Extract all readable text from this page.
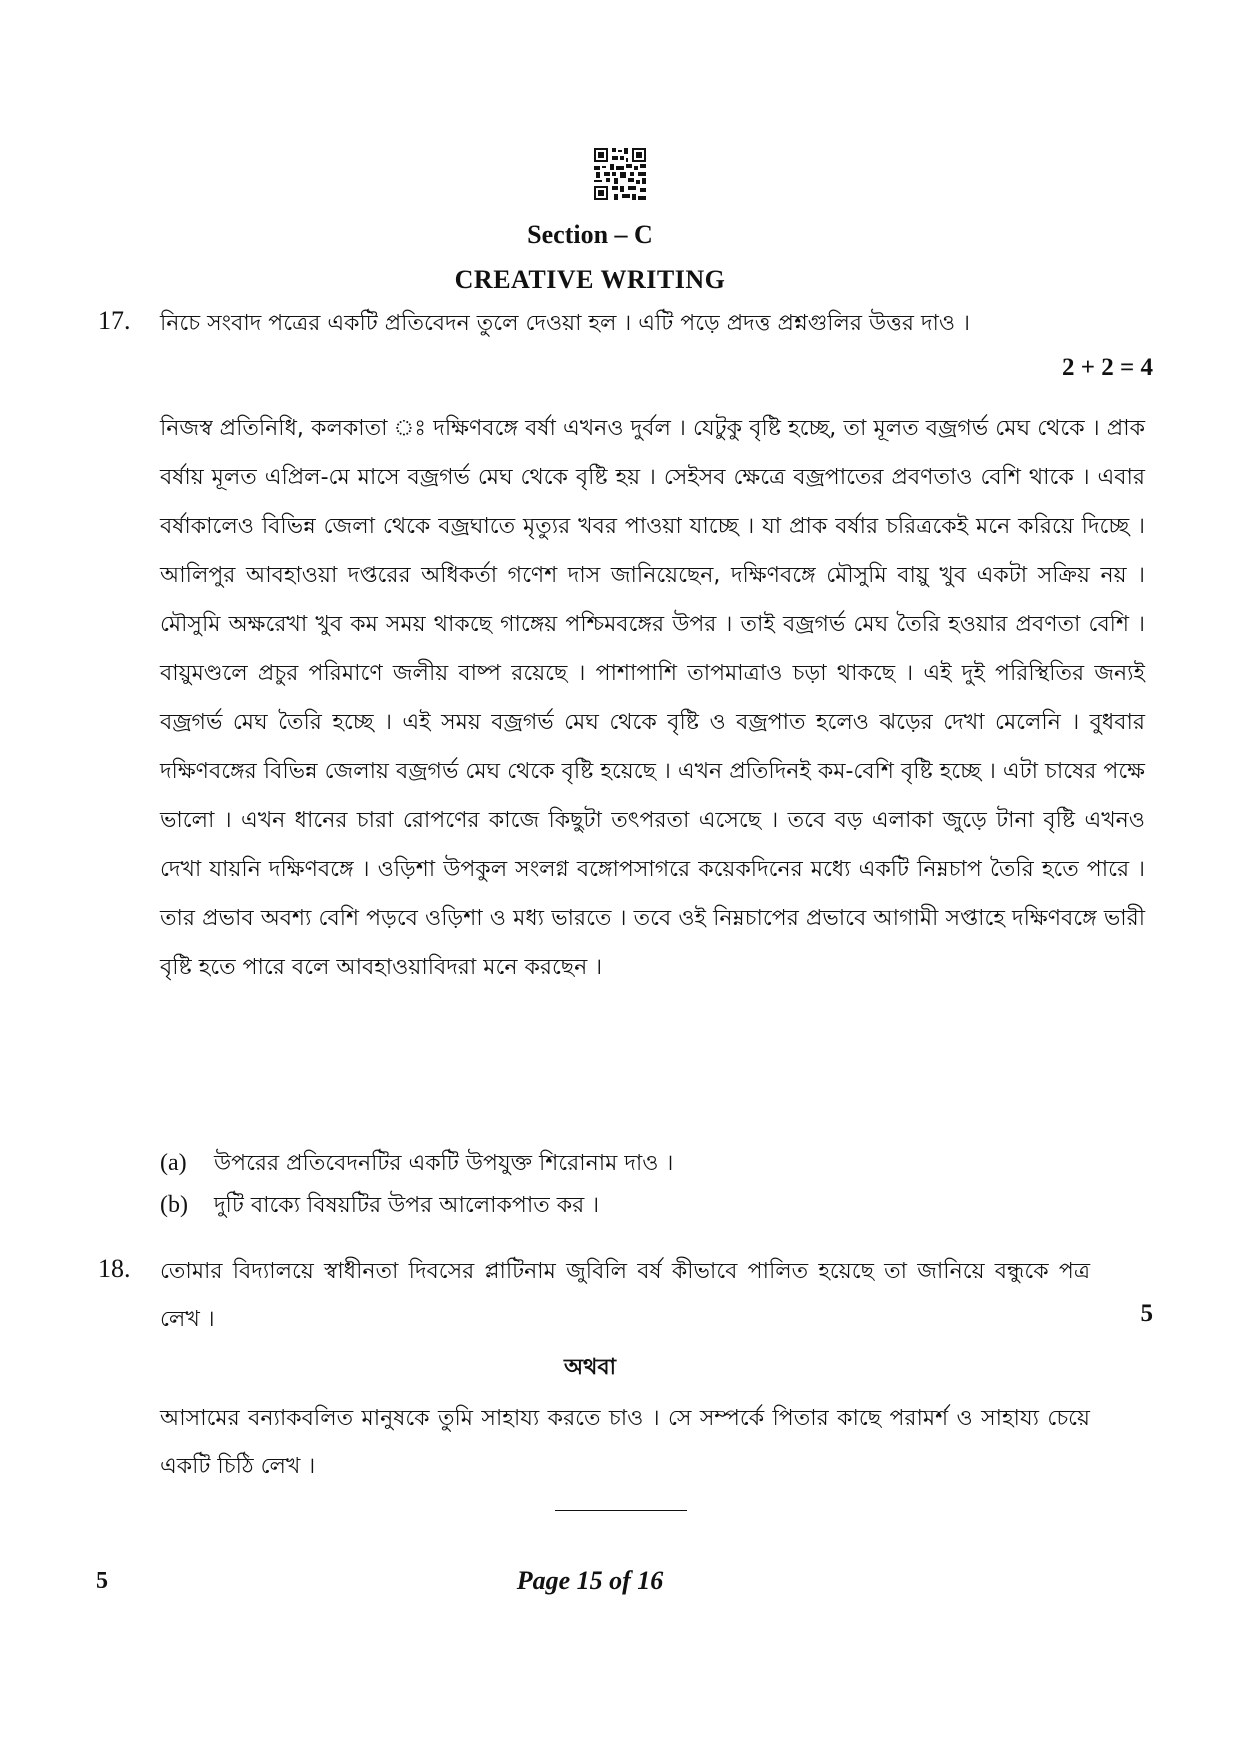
Section – C
CREATIVE WRITING
17. নিচে সংবাদ পত্রের একটি প্রতিবেদন তুলে দেওয়া হল । এটি পড়ে প্রদত্ত প্রশ্নগুলির উত্তর দাও ।
2 + 2 = 4
নিজস্ব প্রতিনিধি, কলকাতা ঃ দক্ষিণবঙ্গে বর্ষা এখনও দুর্বল । যেটুকু বৃষ্টি হচ্ছে, তা মূলত বজ্রগর্ভ মেঘ থেকে । প্রাক বর্ষায় মূলত এপ্রিল-মে মাসে বজ্রগর্ভ মেঘ থেকে বৃষ্টি হয় । সেইসব ক্ষেত্রে বজ্রপাতের প্রবণতাও বেশি থাকে । এবার বর্ষাকালেও বিভিন্ন জেলা থেকে বজ্রঘাতে মৃত্যুর খবর পাওয়া যাচ্ছে । যা প্রাক বর্ষার চরিত্রকেই মনে করিয়ে দিচ্ছে । আলিপুর আবহাওয়া দপ্তরের অধিকর্তা গণেশ দাস জানিয়েছেন, দক্ষিণবঙ্গে মৌসুমি বায়ু খুব একটা সক্রিয় নয় । মৌসুমি অক্ষরেখা খুব কম সময় থাকছে গাঙ্গেয় পশ্চিমবঙ্গের উপর । তাই বজ্রগর্ভ মেঘ তৈরি হওয়ার প্রবণতা বেশি । বায়ুমণ্ডলে প্রচুর পরিমাণে জলীয় বাষ্প রয়েছে । পাশাপাশি তাপমাত্রাও চড়া থাকছে । এই দুই পরিস্থিতির জন্যই বজ্রগর্ভ মেঘ তৈরি হচ্ছে । এই সময় বজ্রগর্ভ মেঘ থেকে বৃষ্টি ও বজ্রপাত হলেও ঝড়ের দেখা মেলেনি । বুধবার দক্ষিণবঙ্গের বিভিন্ন জেলায় বজ্রগর্ভ মেঘ থেকে বৃষ্টি হয়েছে । এখন প্রতিদিনই কম-বেশি বৃষ্টি হচ্ছে । এটা চাষের পক্ষে ভালো । এখন ধানের চারা রোপণের কাজে কিছুটা তৎপরতা এসেছে । তবে বড় এলাকা জুড়ে টানা বৃষ্টি এখনও দেখা যায়নি দক্ষিণবঙ্গে । ওড়িশা উপকুল সংলগ্ন বঙ্গোপসাগরে কয়েকদিনের মধ্যে একটি নিম্নচাপ তৈরি হতে পারে । তার প্রভাব অবশ্য বেশি পড়বে ওড়িশা ও মধ্য ভারতে । তবে ওই নিম্নচাপের প্রভাবে আগামী সপ্তাহে দক্ষিণবঙ্গে ভারী বৃষ্টি হতে পারে বলে আবহাওয়াবিদরা মনে করছেন ।
(a) উপরের প্রতিবেদনটির একটি উপযুক্ত শিরোনাম দাও ।
(b) দুটি বাক্যে বিষয়টির উপর আলোকপাত কর ।
18. তোমার বিদ্যালয়ে স্বাধীনতা দিবসের প্লাটিনাম জুবিলি বর্ষ কীভাবে পালিত হয়েছে তা জানিয়ে বন্ধুকে পত্র লেখ ।	5
অথবা
আসামের বন্যাকবলিত মানুষকে তুমি সাহায্য করতে চাও । সে সম্পর্কে পিতার কাছে পরামর্শ ও সাহায্য চেয়ে একটি চিঠি লেখ ।
5	Page 15 of 16
